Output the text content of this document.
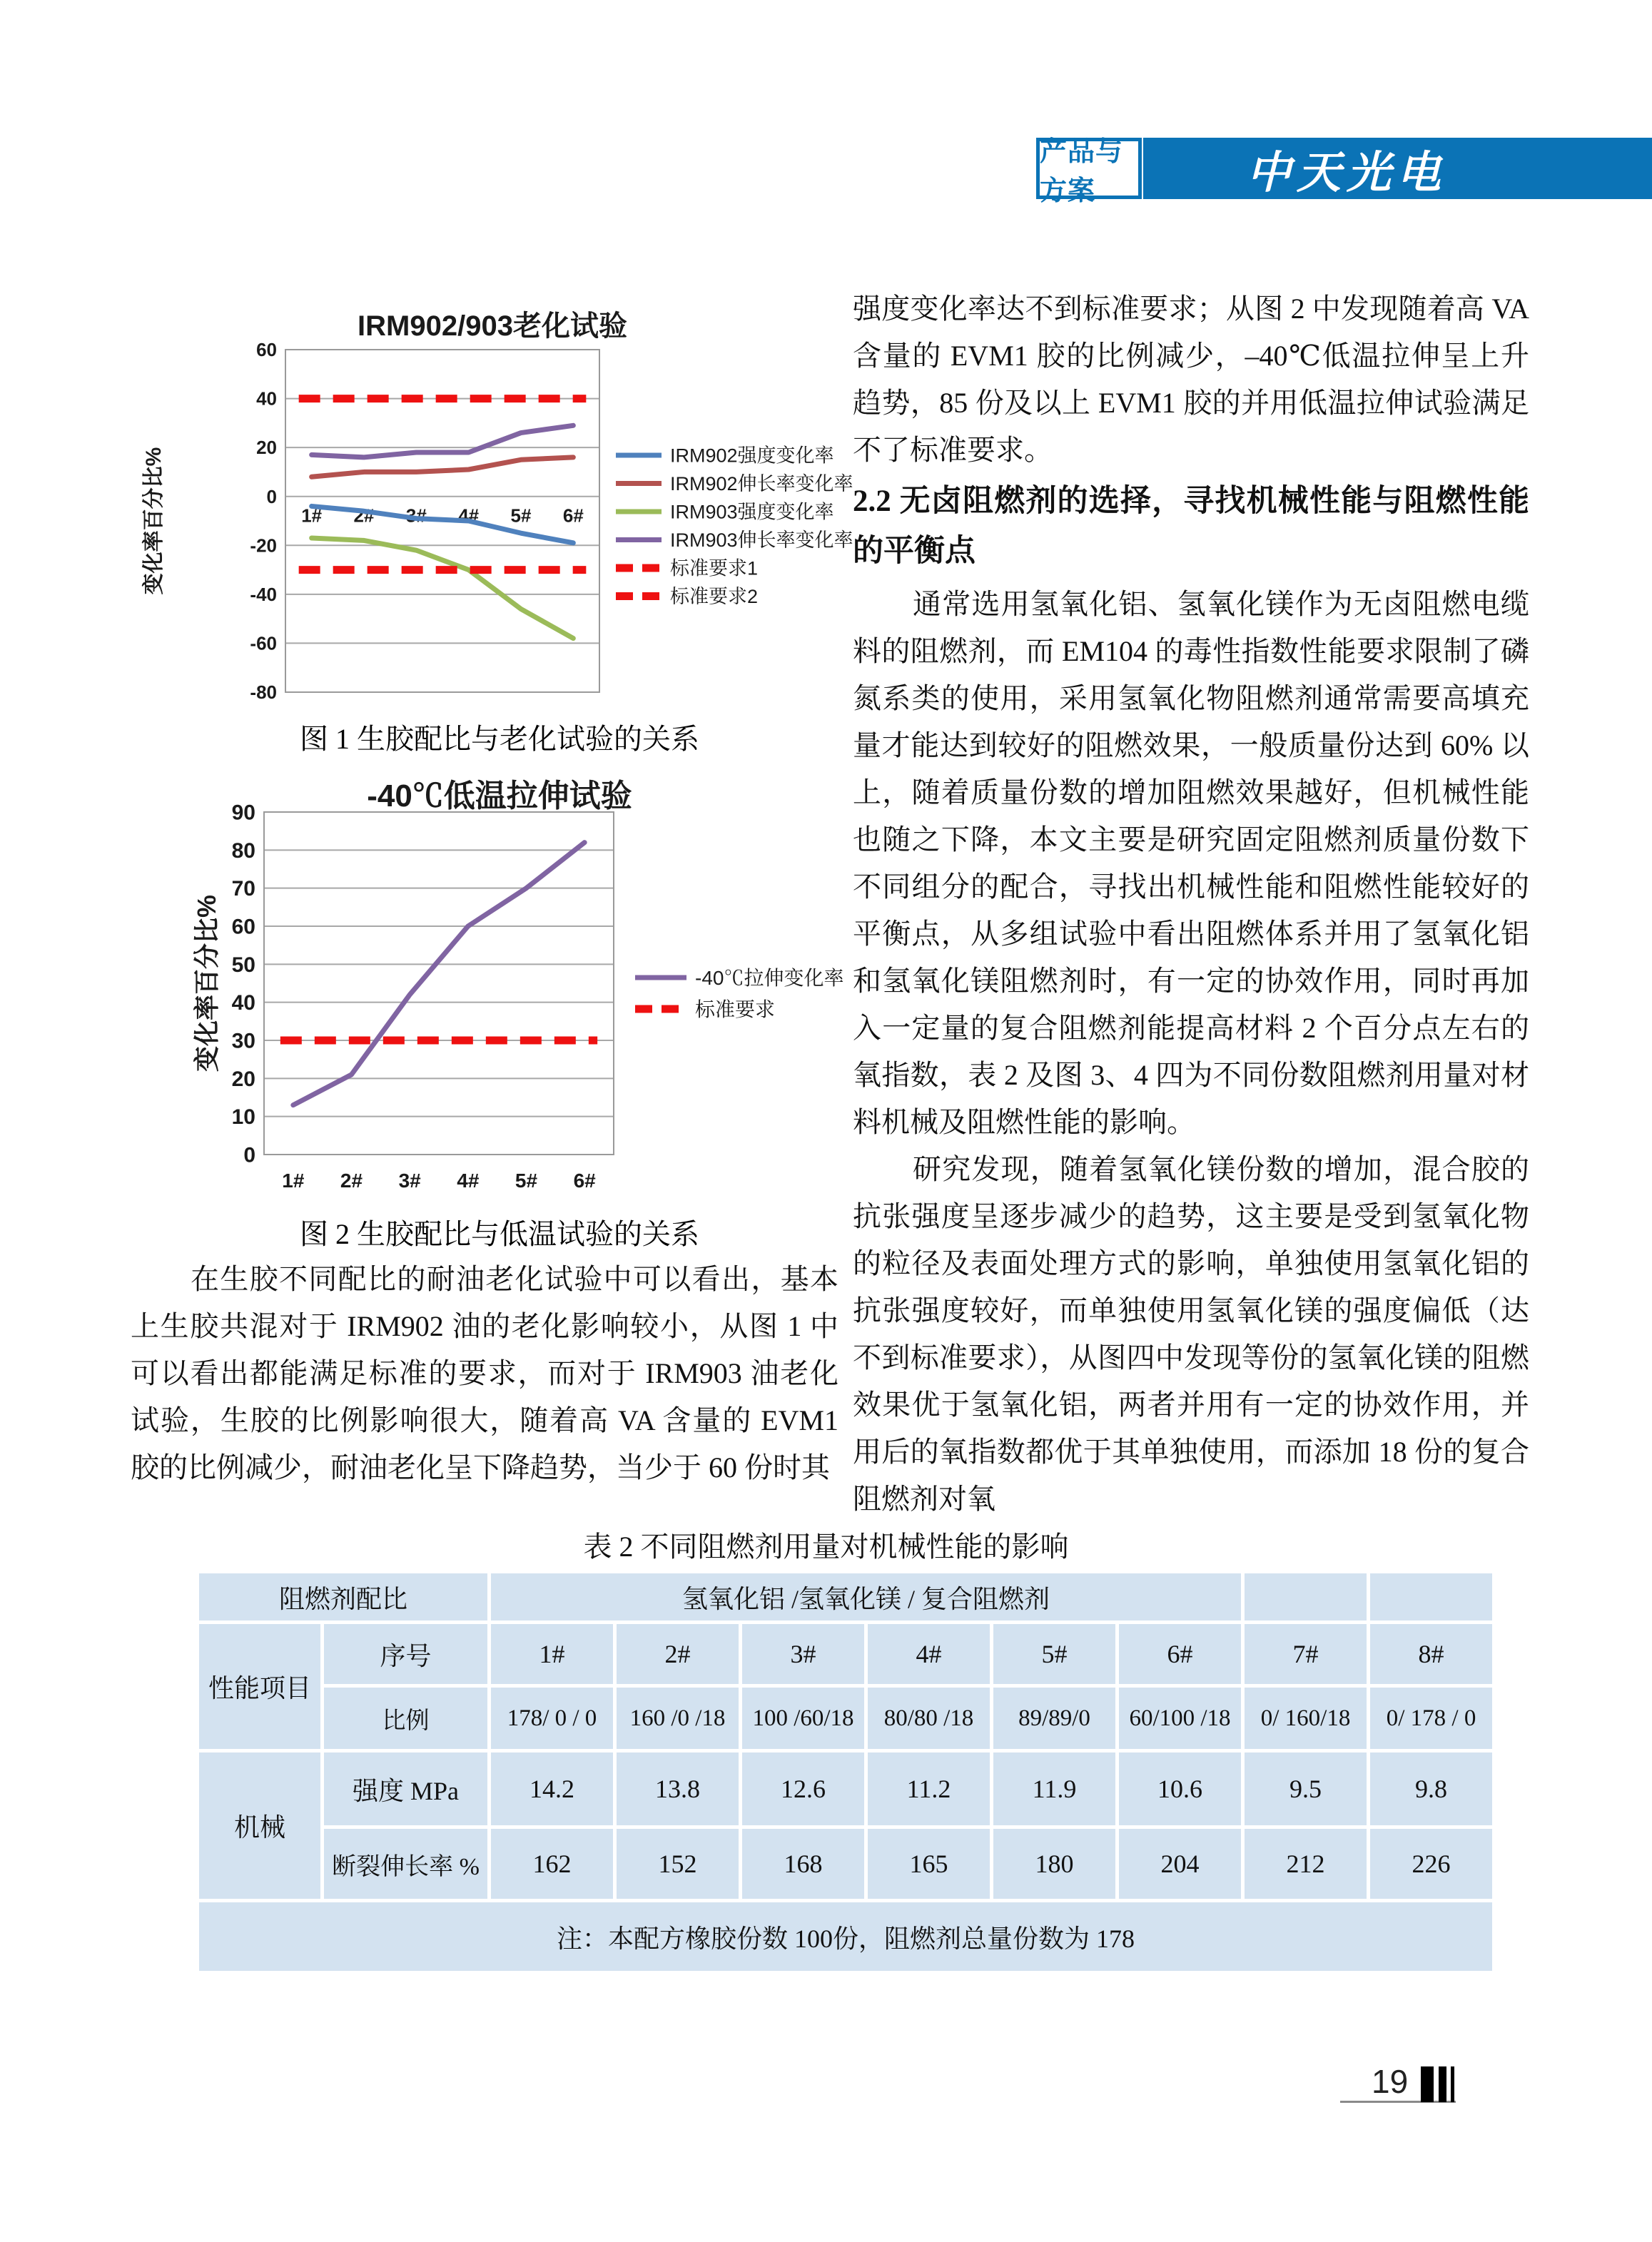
产品与方案	中天光电
60
40
20
0
-20
-40
-60
-80
1# 2# 3# 4# 5# 6#
IRM902/903老化试验
变化率百分比%	IRM902强度变化率
IRM902伸长率变化率
IRM903强度变化率
IRM903伸长率变化率
标准要求1
标准要求2
图 1 生胶配比与老化试验的关系
90
80
70
60
50
40
30
20
10
0
1# 2# 3# 4# 5# 6#
-40℃低温拉伸试验
变化率百分比%	-40℃拉伸变化率
标准要求
图 2 生胶配比与低温试验的关系
在生胶不同配比的耐油老化试验中可以看出，基本上生胶共混对于 IRM902 油的老化影响较小，从图 1 中可以看出都能满足标准的要求，而对于 IRM903 油老化试验，生胶的比例影响很大，随着高 VA 含量的 EVM1 胶的比例减少，耐油老化呈下降趋势，当少于 60 份时其
强度变化率达不到标准要求；从图 2 中发现随着高 VA 含量的 EVM1 胶的比例减少，–40℃低温拉伸呈上升趋势，85 份及以上 EVM1 胶的并用低温拉伸试验满足不了标准要求。
2.2 无卤阻燃剂的选择，寻找机械性能与阻燃性能的平衡点
通常选用氢氧化铝、氢氧化镁作为无卤阻燃电缆料的阻燃剂，而 EM104 的毒性指数性能要求限制了磷氮系类的使用，采用氢氧化物阻燃剂通常需要高填充量才能达到较好的阻燃效果，一般质量份达到 60% 以上，随着质量份数的增加阻燃效果越好，但机械性能也随之下降，本文主要是研究固定阻燃剂质量份数下不同组分的配合，寻找出机械性能和阻燃性能较好的平衡点，从多组试验中看出阻燃体系并用了氢氧化铝和氢氧化镁阻燃剂时，有一定的协效作用，同时再加入一定量的复合阻燃剂能提高材料 2 个百分点左右的氧指数，表 2 及图 3、4 四为不同份数阻燃剂用量对材料机械及阻燃性能的影响。
研究发现，随着氢氧化镁份数的增加，混合胶的抗张强度呈逐步减少的趋势，这主要是受到氢氧化物的粒径及表面处理方式的影响，单独使用氢氧化铝的抗张强度较好，而单独使用氢氧化镁的强度偏低（达不到标准要求），从图四中发现等份的氢氧化镁的阻燃效果优于氢氧化铝，两者并用有一定的协效作用，并用后的氧指数都优于其单独使用，而添加 18 份的复合阻燃剂对氧
表 2 不同阻燃剂用量对机械性能的影响
阻燃剂配比		氢氧化铝 /氢氧化镁 / 复合阻燃剂							
性能项目	序号	1#	2#	3#	4#	5#	6#	7#	8#
	比例	178/ 0 / 0	160 /0 /18	100 /60/18	80/80 /18	89/89/0	60/100 /18	0/ 160/18	0/ 178 / 0
机械	强度 MPa	14.2	13.8	12.6	11.2	11.9	10.6	9.5	9.8
	断裂伸长率 %	162	152	168	165	180	204	212	226
注：本配方橡胶份数 100份，阻燃剂总量份数为 178									
19
